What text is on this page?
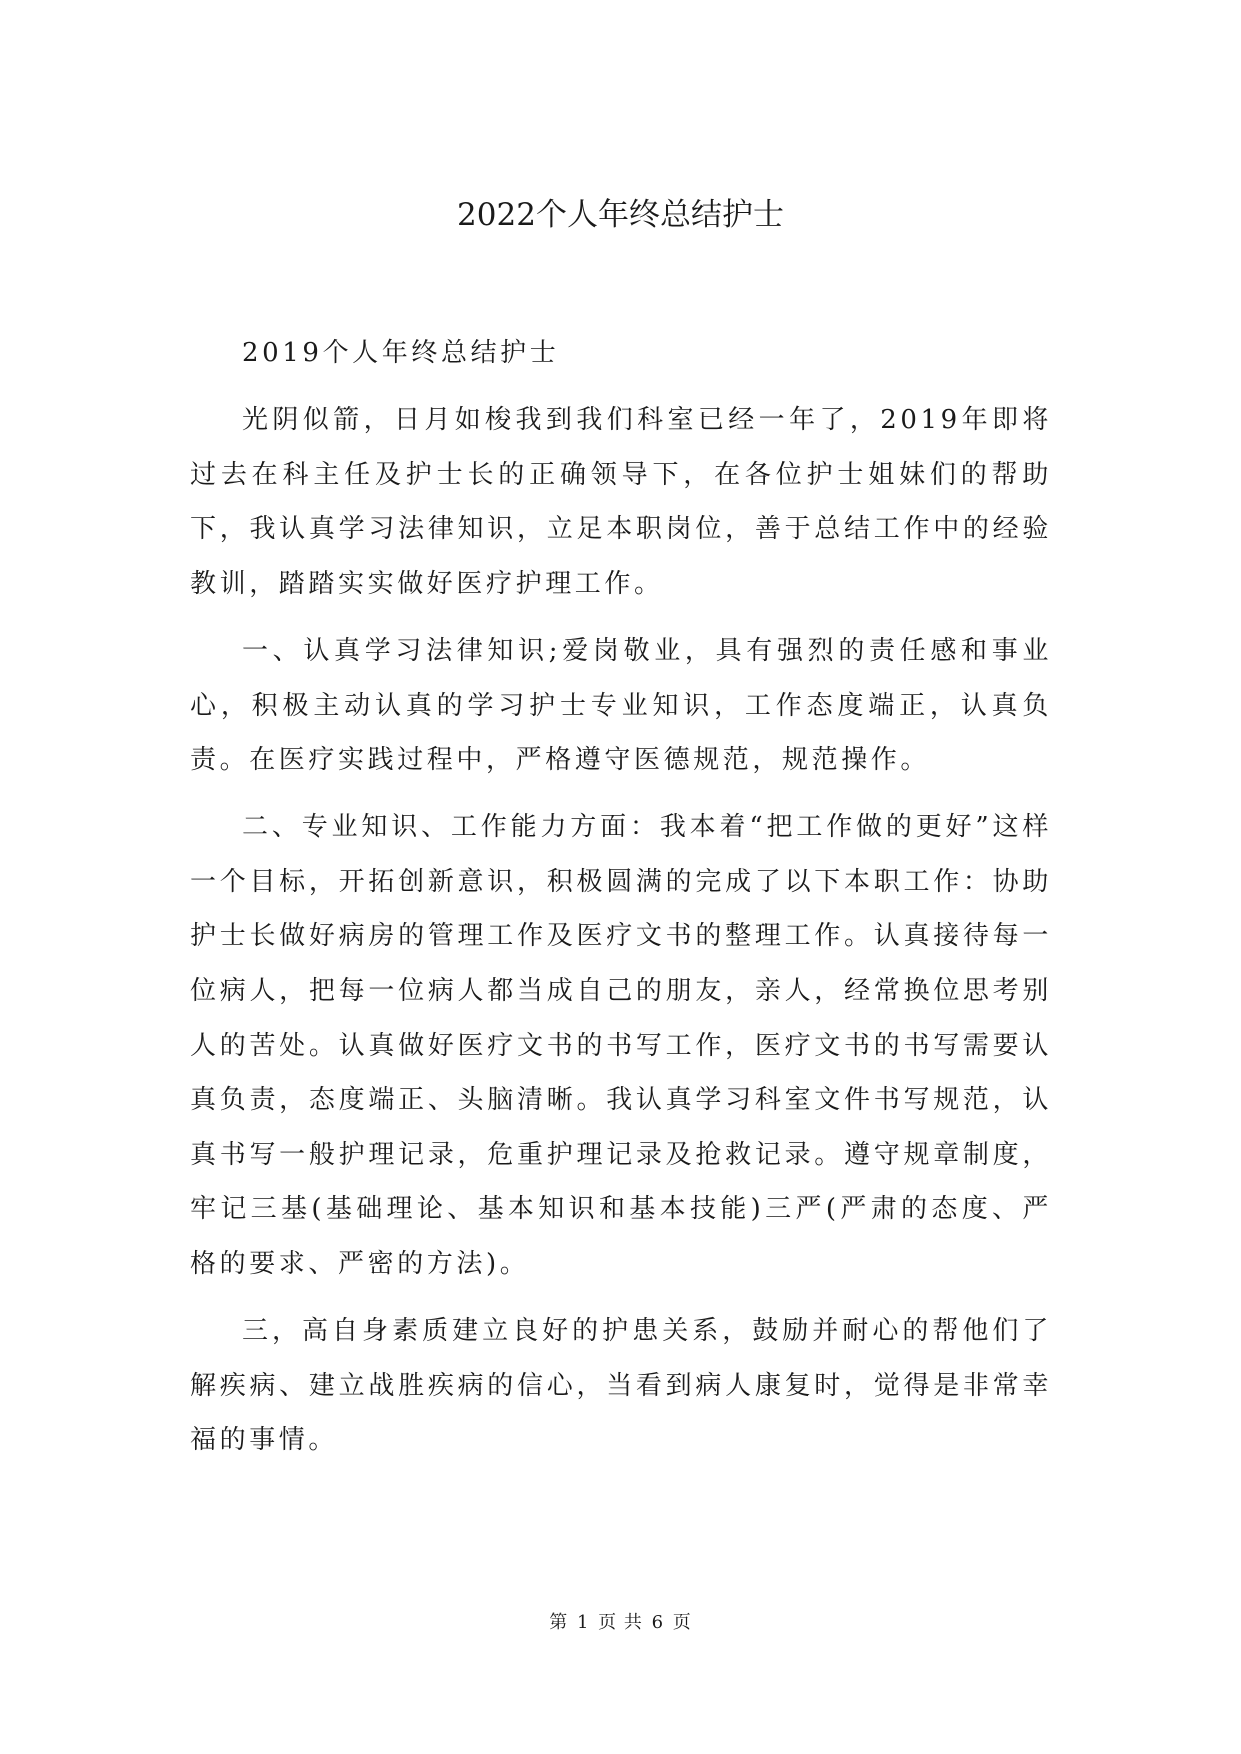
2022个人年终总结护士

2019个人年终总结护士

光阴似箭，日月如梭我到我们科室已经一年了，2019年即将过去在科主任及护士长的正确领导下，在各位护士姐妹们的帮助下，我认真学习法律知识，立足本职岗位，善于总结工作中的经验教训，踏踏实实做好医疗护理工作。

一、认真学习法律知识;爱岗敬业，具有强烈的责任感和事业心，积极主动认真的学习护士专业知识，工作态度端正，认真负责。在医疗实践过程中，严格遵守医德规范，规范操作。

二、专业知识、工作能力方面：我本着“把工作做的更好”这样一个目标，开拓创新意识，积极圆满的完成了以下本职工作：协助护士长做好病房的管理工作及医疗文书的整理工作。认真接待每一位病人，把每一位病人都当成自己的朋友，亲人，经常换位思考别人的苦处。认真做好医疗文书的书写工作，医疗文书的书写需要认真负责，态度端正、头脑清晰。我认真学习科室文件书写规范，认真书写一般护理记录，危重护理记录及抢救记录。遵守规章制度，牢记三基(基础理论、基本知识和基本技能)三严(严肃的态度、严格的要求、严密的方法)。

三，高自身素质建立良好的护患关系，鼓励并耐心的帮他们了解疾病、建立战胜疾病的信心，当看到病人康复时，觉得是非常幸福的事情。

第 1 页 共 6 页
